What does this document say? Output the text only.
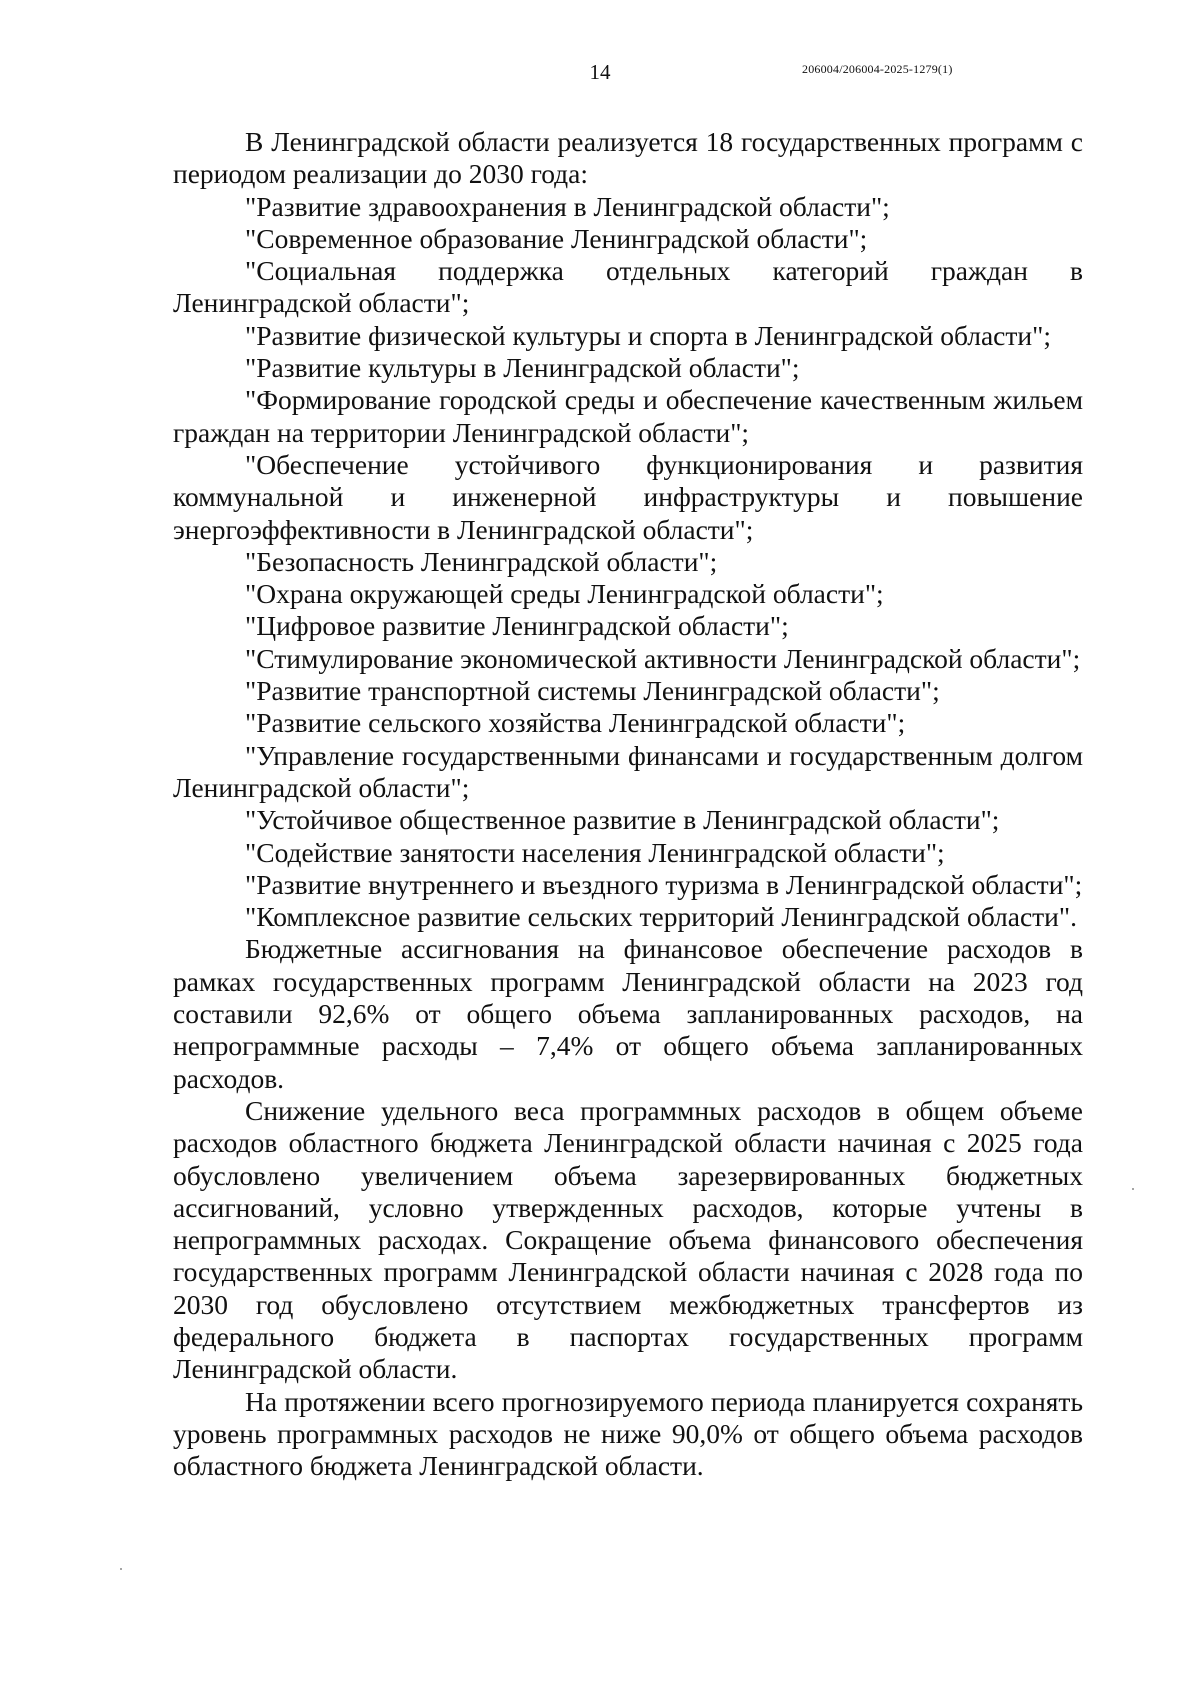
14	206004/206004-2025-1279(1)

В Ленинградской области реализуется 18 государственных программ с периодом реализации до 2030 года:

"Развитие здравоохранения в Ленинградской области";

"Современное образование Ленинградской области";

"Социальная поддержка отдельных категорий граждан в Ленинградской области";

"Развитие физической культуры и спорта в Ленинградской области";

"Развитие культуры в Ленинградской области";

"Формирование городской среды и обеспечение качественным жильем граждан на территории Ленинградской области";

"Обеспечение устойчивого функционирования и развития коммунальной и инженерной инфраструктуры и повышение энергоэффективности в Ленинградской области";

"Безопасность Ленинградской области";

"Охрана окружающей среды Ленинградской области";

"Цифровое развитие Ленинградской области";

"Стимулирование экономической активности Ленинградской области";

"Развитие транспортной системы Ленинградской области";

"Развитие сельского хозяйства Ленинградской области";

"Управление государственными финансами и государственным долгом Ленинградской области";

"Устойчивое общественное развитие в Ленинградской области";

"Содействие занятости населения Ленинградской области";

"Развитие внутреннего и въездного туризма в Ленинградской области";

"Комплексное развитие сельских территорий Ленинградской области".

Бюджетные ассигнования на финансовое обеспечение расходов в рамках государственных программ Ленинградской области на 2023 год составили 92,6% от общего объема запланированных расходов, на непрограммные расходы – 7,4% от общего объема запланированных расходов.

Снижение удельного веса программных расходов в общем объеме расходов областного бюджета Ленинградской области начиная с 2025 года обусловлено увеличением объема зарезервированных бюджетных ассигнований, условно утвержденных расходов, которые учтены в непрограммных расходах. Сокращение объема финансового обеспечения государственных программ Ленинградской области начиная с 2028 года по 2030 год обусловлено отсутствием межбюджетных трансфертов из федерального бюджета в паспортах государственных программ Ленинградской области.

На протяжении всего прогнозируемого периода планируется сохранять уровень программных расходов не ниже 90,0% от общего объема расходов областного бюджета Ленинградской области.
